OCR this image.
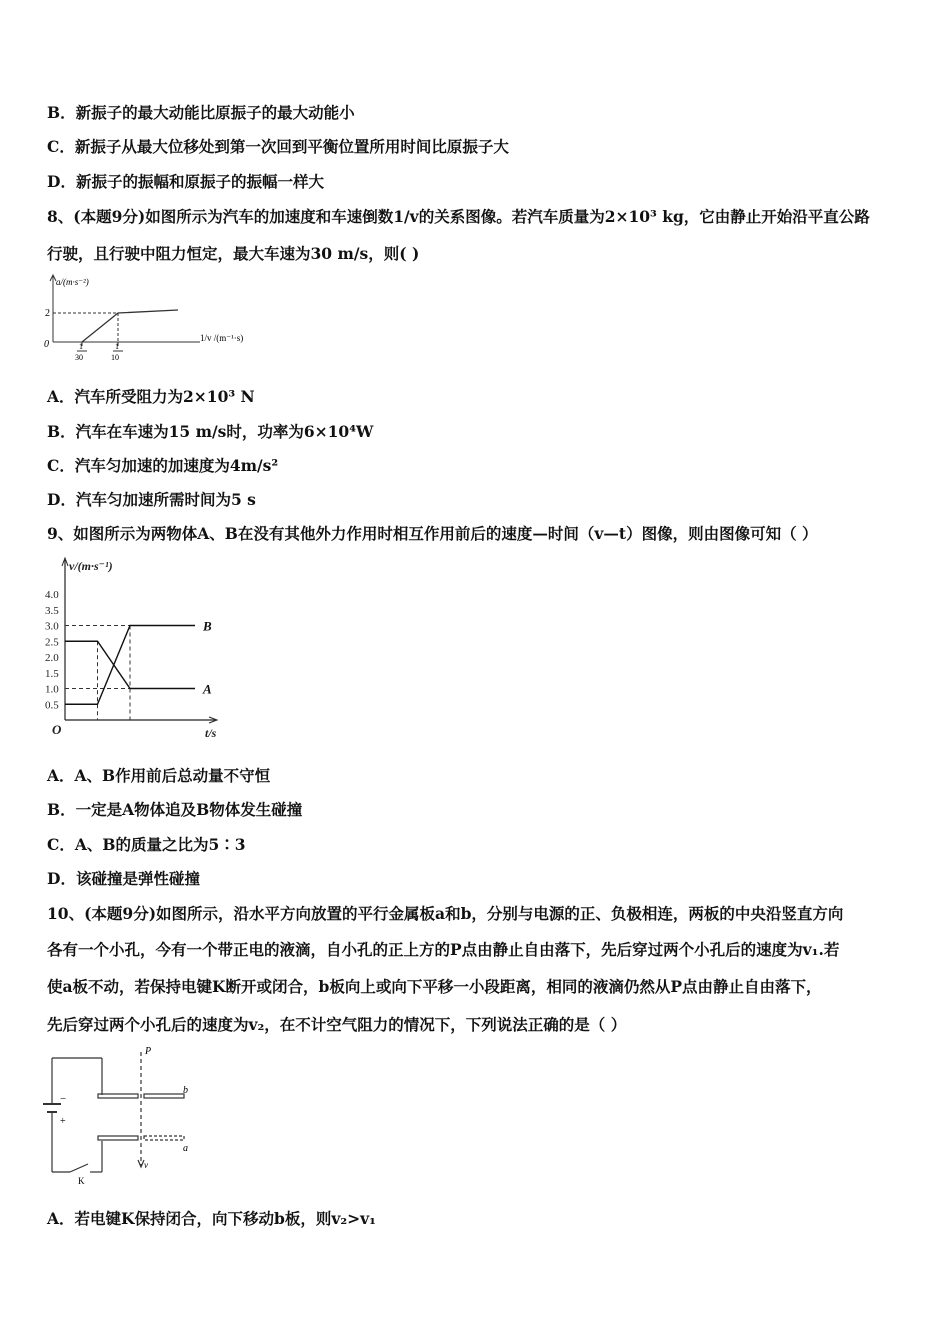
B．新振子的最大动能比原振子的最大动能小
C．新振子从最大位移处到第一次回到平衡位置所用时间比原振子大
D．新振子的振幅和原振子的振幅一样大
8、(本题9分)如图所示为汽车的加速度和车速倒数1/v的关系图像。若汽车质量为2×10³ kg，它由静止开始沿平直公路
行驶，且行驶中阻力恒定，最大车速为30 m/s，则( )
a/(m·s⁻²)
2
0	1
30
1
10
1/v /(m⁻¹·s)
A．汽车所受阻力为2×10³ N
B．汽车在车速为15 m/s时，功率为6×10⁴W
C．汽车匀加速的加速度为4m/s²
D．汽车匀加速所需时间为5 s
9、如图所示为两物体A、B在没有其他外力作用时相互作用前后的速度—时间（v—t）图像，则由图像可知（ ）
0.5
1.0
1.5
2.0
2.5
3.0
3.5
4.0
v/(m·s⁻¹)
t/s
O
A
B
A．A、B作用前后总动量不守恒
B．一定是A物体追及B物体发生碰撞
C．A、B的质量之比为5∶3
D．该碰撞是弹性碰撞
10、(本题9分)如图所示，沿水平方向放置的平行金属板a和b，分别与电源的正、负极相连，两板的中央沿竖直方向
各有一个小孔，今有一个带正电的液滴，自小孔的正上方的P点由静止自由落下，先后穿过两个小孔后的速度为v₁.若
使a板不动，若保持电键K断开或闭合，b板向上或向下平移一小段距离，相同的液滴仍然从P点由静止自由落下，
先后穿过两个小孔后的速度为v₂，在不计空气阻力的情况下，下列说法正确的是（ ）
P
b
a
v
−
+
K
A．若电键K保持闭合，向下移动b板，则v₂>v₁
